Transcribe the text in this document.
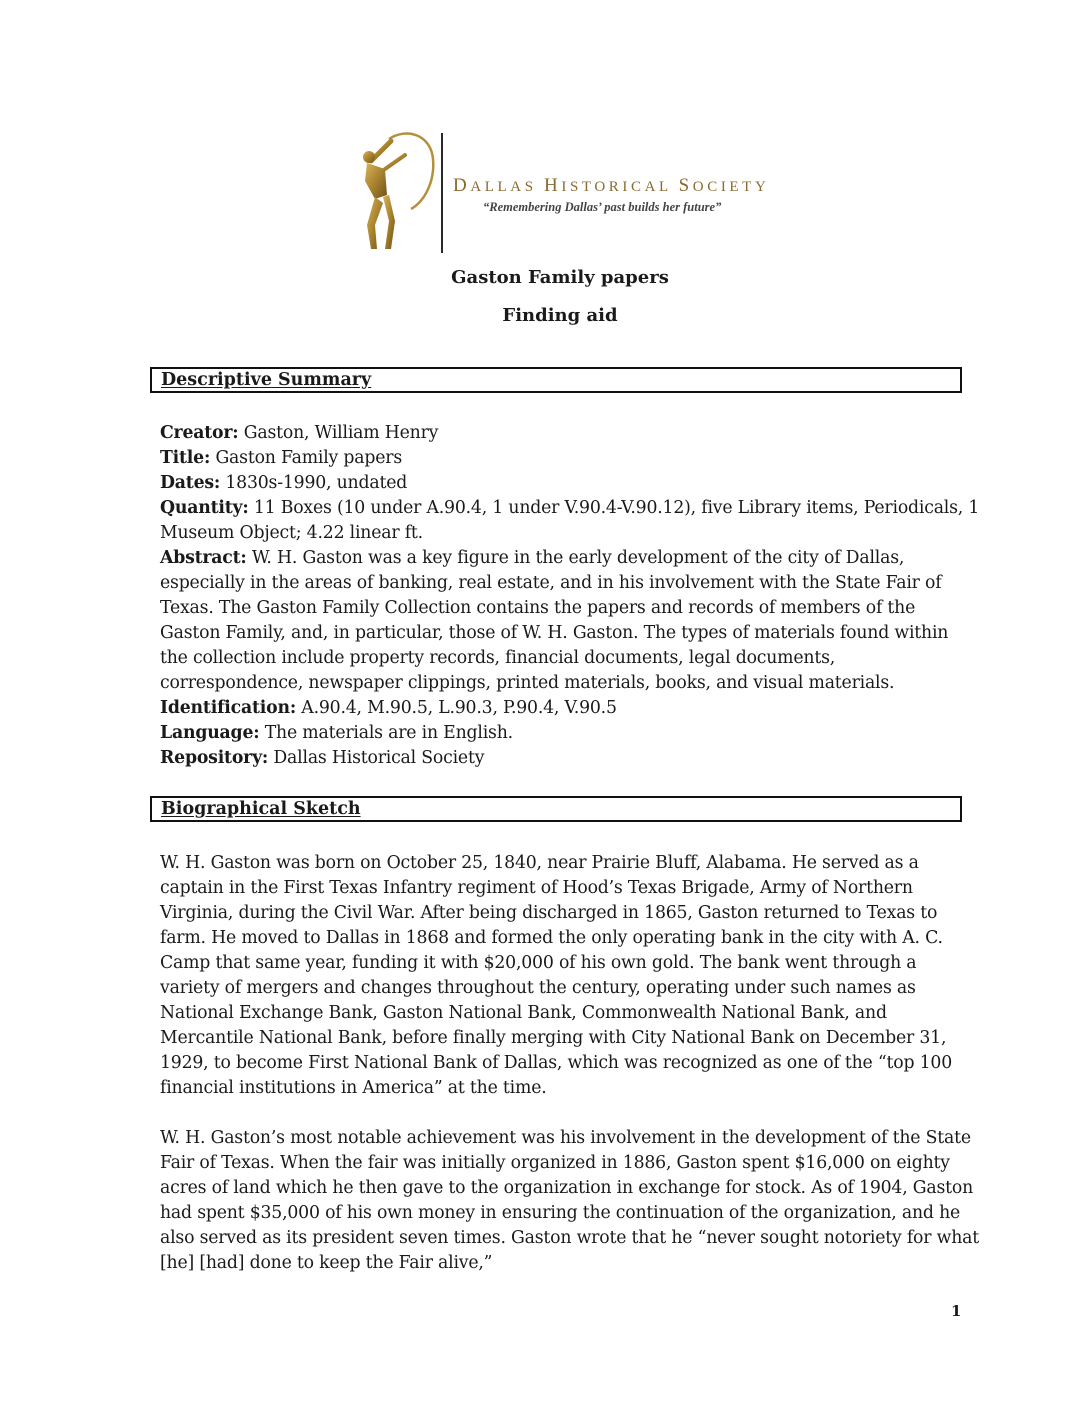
DALLAS HISTORICAL SOCIETY
“Remembering Dallas’ past builds her future”
Gaston Family papers
Finding aid
Descriptive Summary
Creator: Gaston, William Henry
Title: Gaston Family papers
Dates: 1830s-1990, undated
Quantity: 11 Boxes (10 under A.90.4, 1 under V.90.4-V.90.12), five Library items, Periodicals, 1 Museum Object; 4.22 linear ft.
Abstract: W. H. Gaston was a key figure in the early development of the city of Dallas, especially in the areas of banking, real estate, and in his involvement with the State Fair of Texas. The Gaston Family Collection contains the papers and records of members of the Gaston Family, and, in particular, those of W. H. Gaston. The types of materials found within the collection include property records, financial documents, legal documents, correspondence, newspaper clippings, printed materials, books, and visual materials.
Identification: A.90.4, M.90.5, L.90.3, P.90.4, V.90.5
Language: The materials are in English.
Repository: Dallas Historical Society
Biographical Sketch
W. H. Gaston was born on October 25, 1840, near Prairie Bluff, Alabama. He served as a captain in the First Texas Infantry regiment of Hood’s Texas Brigade, Army of Northern Virginia, during the Civil War. After being discharged in 1865, Gaston returned to Texas to farm. He moved to Dallas in 1868 and formed the only operating bank in the city with A. C. Camp that same year, funding it with $20,000 of his own gold. The bank went through a variety of mergers and changes throughout the century, operating under such names as National Exchange Bank, Gaston National Bank, Commonwealth National Bank, and Mercantile National Bank, before finally merging with City National Bank on December 31, 1929, to become First National Bank of Dallas, which was recognized as one of the “top 100 financial institutions in America” at the time.
W. H. Gaston’s most notable achievement was his involvement in the development of the State Fair of Texas. When the fair was initially organized in 1886, Gaston spent $16,000 on eighty acres of land which he then gave to the organization in exchange for stock. As of 1904, Gaston had spent $35,000 of his own money in ensuring the continuation of the organization, and he also served as its president seven times. Gaston wrote that he “never sought notoriety for what [he] [had] done to keep the Fair alive,”
1
